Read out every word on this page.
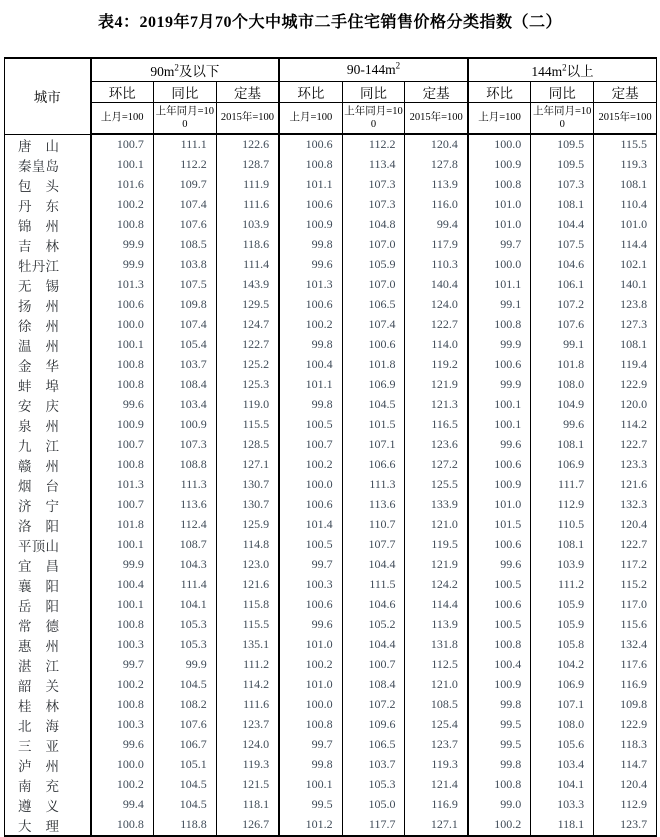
表4：2019年7月70个大中城市二手住宅销售价格分类指数（二）
城市	$90m^2$及以下			$90-144m^2$			$144m^2$以上		
	环比	同比	定基	环比	同比	定基	环比	同比	定基
	上月=100	上年同月=100	2015年=100	上月=100	上年同月=100	2015年=100	上月=100	上年同月=100	2015年=100

唐 山	100.7	111.1	122.6	100.6	112.2	120.4	100.0	109.5	115.5

秦 皇 岛	100.1	112.2	128.7	100.8	113.4	127.8	100.9	109.5	119.3

包 头	101.6	109.7	111.9	101.1	107.3	113.9	100.8	107.3	108.1

丹 东	100.2	107.4	111.6	100.6	107.3	116.0	101.0	108.1	110.4

锦 州	100.8	107.6	103.9	100.9	104.8	99.4	101.0	104.4	101.0

吉 林	99.9	108.5	118.6	99.8	107.0	117.9	99.7	107.5	114.4

牡 丹 江	99.9	103.8	111.4	99.6	105.9	110.3	100.0	104.6	102.1

无 锡	101.3	107.5	143.9	101.3	107.0	140.4	101.1	106.1	140.1

扬 州	100.6	109.8	129.5	100.6	106.5	124.0	99.1	107.2	123.8

徐 州	100.0	107.4	124.7	100.2	107.4	122.7	100.8	107.6	127.3

温 州	100.1	105.4	122.7	99.8	100.6	114.0	99.9	99.1	108.1

金 华	100.8	103.7	125.2	100.4	101.8	119.2	100.6	101.8	119.4

蚌 埠	100.8	108.4	125.3	101.1	106.9	121.9	99.9	108.0	122.9

安 庆	99.6	103.4	119.0	99.8	104.5	121.3	100.1	104.9	120.0

泉 州	100.9	100.9	115.5	100.5	101.5	116.5	100.1	99.6	114.2

九 江	100.7	107.3	128.5	100.7	107.1	123.6	99.6	108.1	122.7

赣 州	100.8	108.8	127.1	100.2	106.6	127.2	100.6	106.9	123.3

烟 台	101.3	111.3	130.7	100.0	111.3	125.5	100.9	111.7	121.6

济 宁	100.7	113.6	130.7	100.6	113.6	133.9	101.0	112.9	132.3

洛 阳	101.8	112.4	125.9	101.4	110.7	121.0	101.5	110.5	120.4

平 顶 山	100.1	108.7	114.8	100.5	107.7	119.5	100.6	108.1	122.7

宜 昌	99.9	104.3	123.0	99.7	104.4	121.9	99.6	103.9	117.2

襄 阳	100.4	111.4	121.6	100.3	111.5	124.2	100.5	111.2	115.2

岳 阳	100.1	104.1	115.8	100.6	104.6	114.4	100.6	105.9	117.0

常 德	100.8	105.3	115.5	99.6	105.2	113.9	100.5	105.9	115.6

惠 州	100.3	105.3	135.1	101.0	104.4	131.8	100.8	105.8	132.4

湛 江	99.7	99.9	111.2	100.2	100.7	112.5	100.4	104.2	117.6

韶 关	100.2	104.5	114.2	101.0	108.4	121.0	100.9	106.9	116.9

桂 林	100.8	108.2	111.6	100.0	107.2	108.5	99.8	107.1	109.8

北 海	100.3	107.6	123.7	100.8	109.6	125.4	99.5	108.0	122.9

三 亚	99.6	106.7	124.0	99.7	106.5	123.7	99.5	105.6	118.3

泸 州	100.0	105.1	119.3	99.8	103.7	119.3	99.8	103.4	114.7

南 充	100.2	104.5	121.5	100.1	105.3	121.4	100.8	104.1	120.4

遵 义	99.4	104.5	118.1	99.5	105.0	116.9	99.0	103.3	112.9

大 理	100.8	118.8	126.7	101.2	117.7	127.1	100.2	118.1	123.7
